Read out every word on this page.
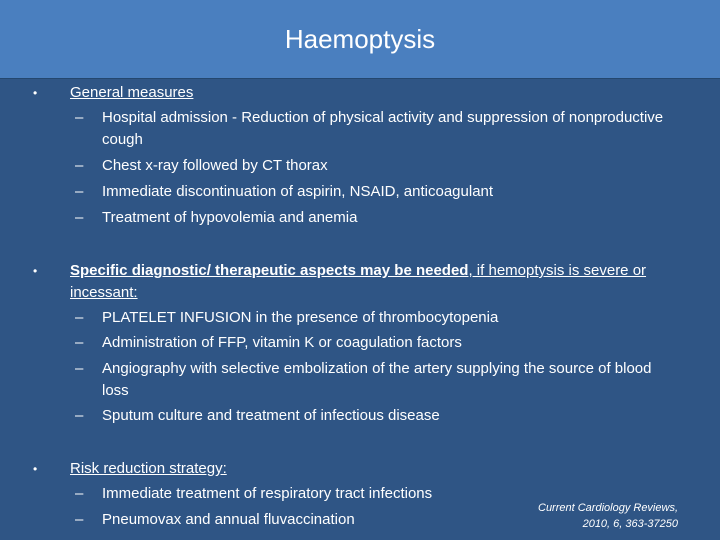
Haemoptysis
• General measures
– Hospital admission - Reduction of physical activity and suppression of nonproductive cough
– Chest x-ray followed by CT thorax
– Immediate discontinuation of aspirin, NSAID, anticoagulant
– Treatment of hypovolemia and anemia
• Specific diagnostic/ therapeutic aspects may be needed, if hemoptysis is severe or incessant:
– PLATELET INFUSION in the presence of thrombocytopenia
– Administration of FFP, vitamin K or coagulation factors
– Angiography with selective embolization of the artery supplying the source of blood loss
– Sputum culture and treatment of infectious disease
• Risk reduction strategy:
– Immediate treatment of respiratory tract infections
– Pneumovax and annual fluvaccination
Current Cardiology Reviews,
2010, 6, 363-37250
